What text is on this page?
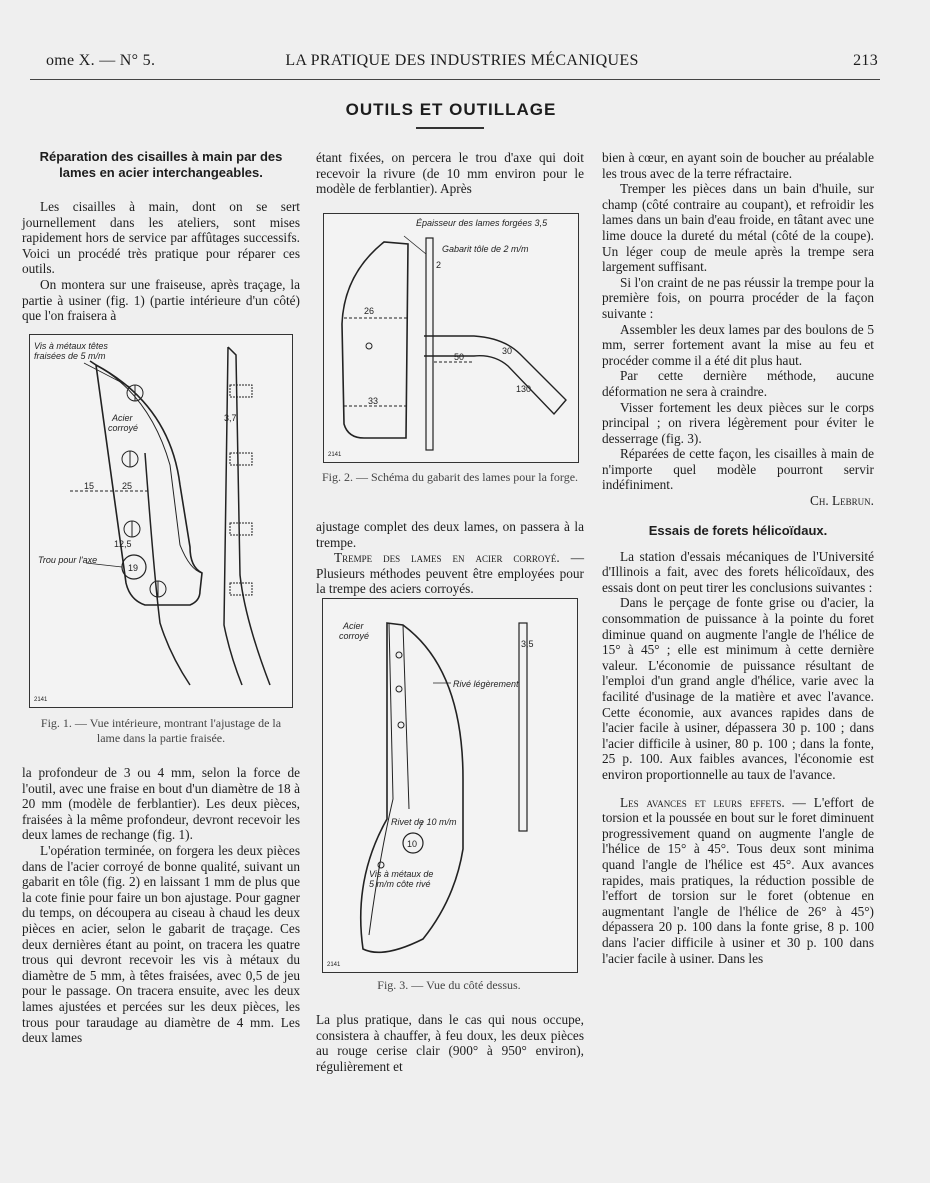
ome X. — N° 5.	LA PRATIQUE DES INDUSTRIES MÉCANIQUES	213
OUTILS ET OUTILLAGE
Réparation des cisailles à main par des lames en acier interchangeables.

Les cisailles à main, dont on se sert journellement dans les ateliers, sont mises rapidement hors de service par affûtages successifs. Voici un procédé très pratique pour réparer ces outils.

On montera sur une fraiseuse, après traçage, la partie à usiner (fig. 1) (partie intérieure d'un côté) que l'on fraisera à

Vis à métaux têtes
fraisées de 5 m/m
Acier
corroyé
Trou pour l'axe
15	25
3,7
12,5
19
2141
Fig. 1. — Vue intérieure, montrant l'ajustage de la lame dans la partie fraisée.

la profondeur de 3 ou 4 mm, selon la force de l'outil, avec une fraise en bout d'un diamètre de 18 à 20 mm (modèle de ferblantier). Les deux pièces, fraisées à la même profondeur, devront recevoir les deux lames de rechange (fig. 1).

L'opération terminée, on forgera les deux pièces dans de l'acier corroyé de bonne qualité, suivant un gabarit en tôle (fig. 2) en laissant 1 mm de plus que la cote finie pour faire un bon ajustage. Pour gagner du temps, on découpera au ciseau à chaud les deux pièces en acier, selon le gabarit de traçage. Ces deux dernières étant au point, on tracera les quatre trous qui devront recevoir les vis à métaux du diamètre de 5 mm, à têtes fraisées, avec 0,5 de jeu pour le passage. On tracera ensuite, avec les deux lames ajustées et percées sur les deux pièces, les trous pour taraudage au diamètre de 4 mm. Les deux lames

étant fixées, on percera le trou d'axe qui doit recevoir la rivure (de 10 mm environ pour le modèle de ferblantier). Après

Épaisseur des lames forgées 3,5
Gabarit tôle de 2 m/m
2
26
33
50
30
130
2141
Fig. 2. — Schéma du gabarit des lames pour la forge.

ajustage complet des deux lames, on passera à la trempe.

Trempe des lames en acier corroyé. — Plusieurs méthodes peuvent être employées pour la trempe des aciers corroyés.

Acier
corroyé
Rivé légèrement
3,5
Rivet de 10 m/m
10
Vis à métaux de
5 m/m côte rivé
2141
Fig. 3. — Vue du côté dessus.

La plus pratique, dans le cas qui nous occupe, consistera à chauffer, à feu doux, les deux pièces au rouge cerise clair (900° à 950° environ), régulièrement et

bien à cœur, en ayant soin de boucher au préalable les trous avec de la terre réfractaire.

Tremper les pièces dans un bain d'huile, sur champ (côté contraire au coupant), et refroidir les lames dans un bain d'eau froide, en tâtant avec une lime douce la dureté du métal (côté de la coupe). Un léger coup de meule après la trempe sera largement suffisant.

Si l'on craint de ne pas réussir la trempe pour la première fois, on pourra procéder de la façon suivante :

Assembler les deux lames par des boulons de 5 mm, serrer fortement avant la mise au feu et procéder comme il a été dit plus haut.

Par cette dernière méthode, aucune déformation ne sera à craindre.

Visser fortement les deux pièces sur le corps principal ; on rivera légèrement pour éviter le desserrage (fig. 3).

Réparées de cette façon, les cisailles à main de n'importe quel modèle pourront servir indéfiniment.

Ch. Lebrun.

Essais de forets hélicoïdaux.

La station d'essais mécaniques de l'Université d'Illinois a fait, avec des forets hélicoïdaux, des essais dont on peut tirer les conclusions suivantes :

Dans le perçage de fonte grise ou d'acier, la consommation de puissance à la pointe du foret diminue quand on augmente l'angle de l'hélice de 15° à 45° ; elle est minimum à cette dernière valeur. L'économie de puissance résultant de l'emploi d'un grand angle d'hélice, varie avec la facilité d'usinage de la matière et avec l'avance. Cette économie, aux avances rapides dans de l'acier facile à usiner, dépassera 30 p. 100 ; dans l'acier difficile à usiner, 80 p. 100 ; dans la fonte, 25 p. 100. Aux faibles avances, l'économie est environ proportionnelle au taux de l'avance.

Les avances et leurs effets. — L'effort de torsion et la poussée en bout sur le foret diminuent progressivement quand on augmente l'angle de l'hélice de 15° à 45°. Tous deux sont minima quand l'angle de l'hélice est 45°. Aux avances rapides, mais pratiques, la réduction possible de l'effort de torsion sur le foret (obtenue en augmentant l'angle de l'hélice de 26° à 45°) dépassera 20 p. 100 dans la fonte grise, 8 p. 100 dans l'acier difficile à usiner et 30 p. 100 dans l'acier facile à usiner. Dans les
